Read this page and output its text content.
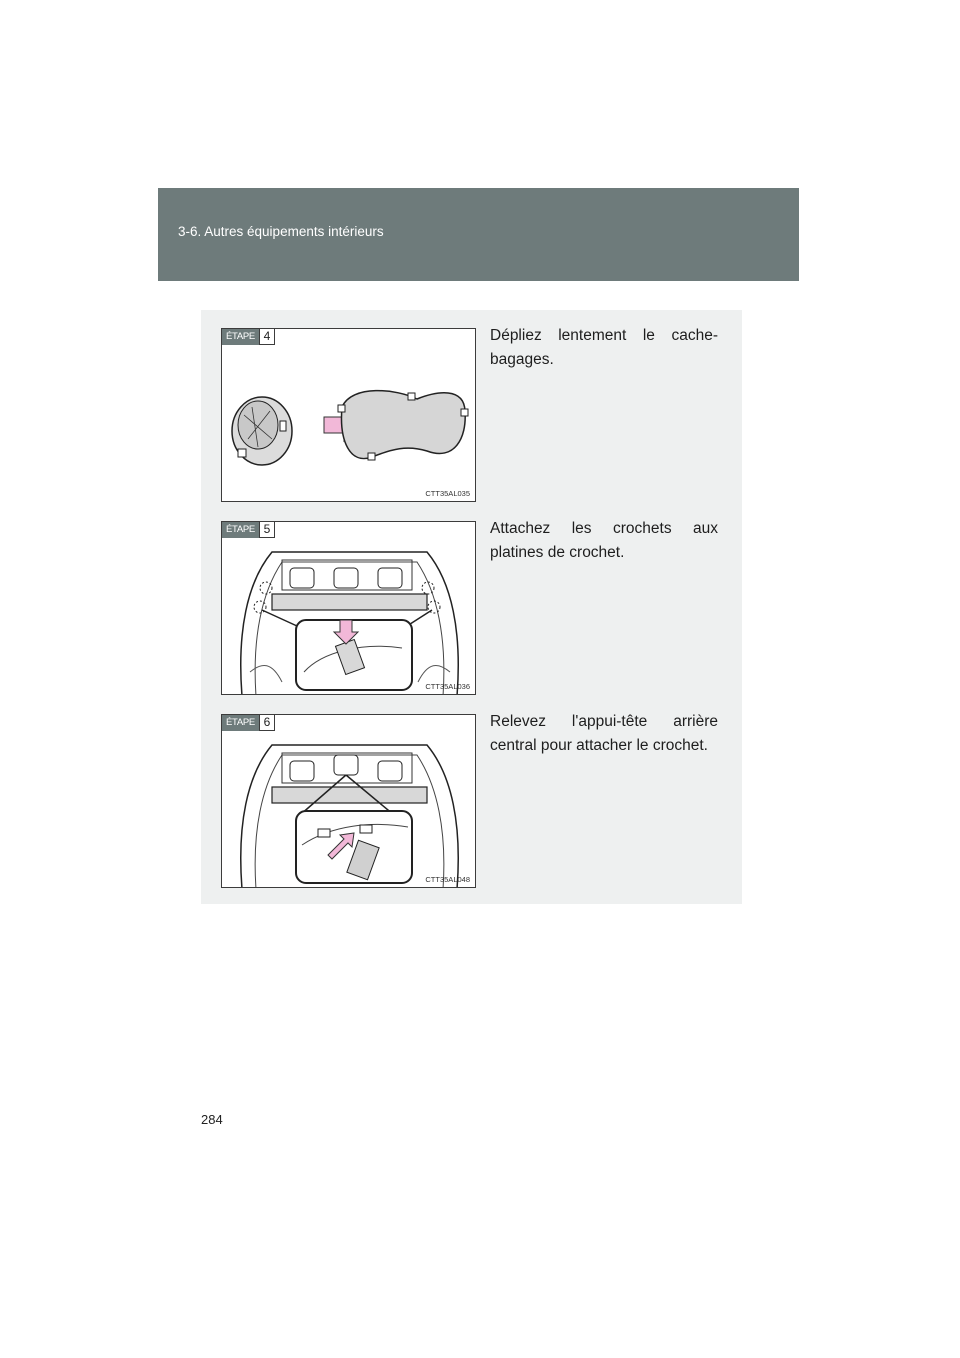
3-6. Autres équipements intérieurs
ÉTAPE 4
CTT35AL035
Dépliez lentement le cache-bagages.
ÉTAPE 5
CTT35AL036
Attachez les crochets aux platines de crochet.
ÉTAPE 6
CTT35AL048
Relevez l'appui-tête arrière central pour attacher le crochet.
284
